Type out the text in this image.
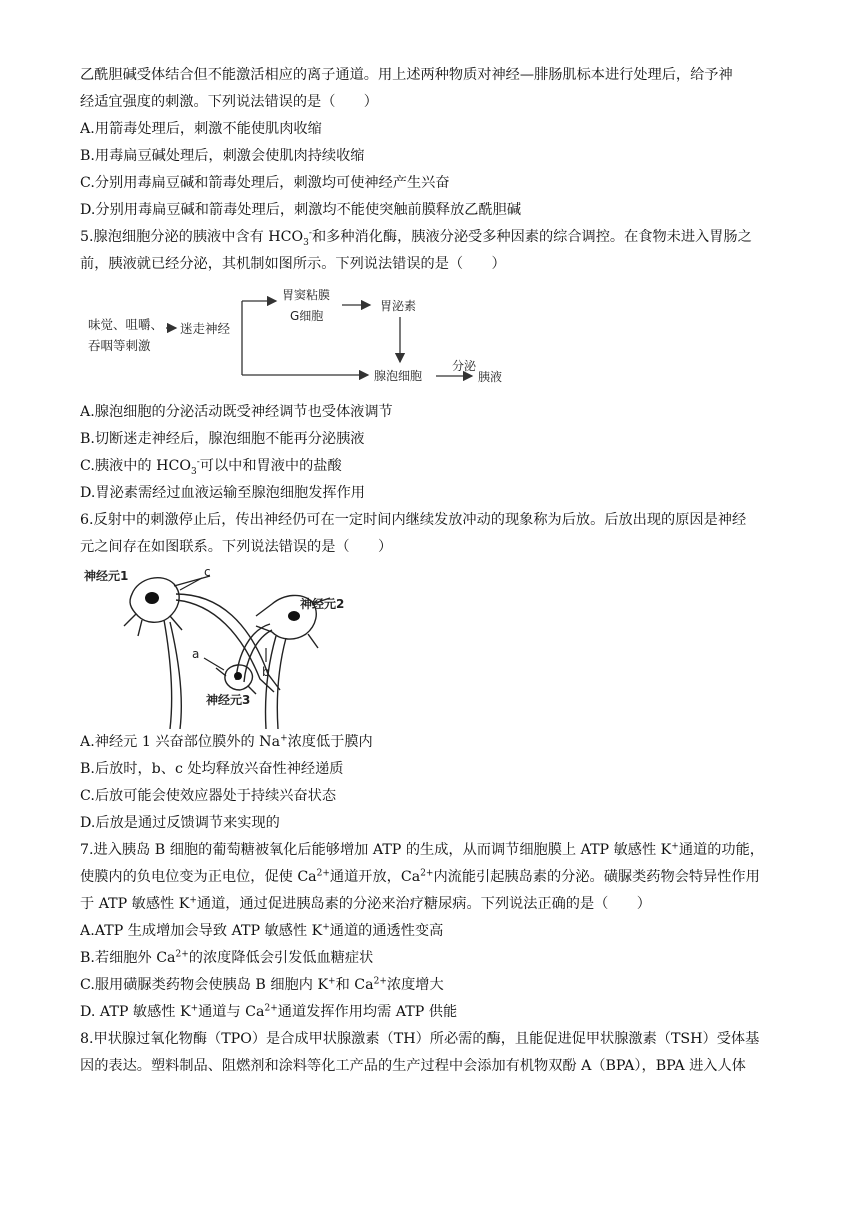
乙酰胆碱受体结合但不能激活相应的离子通道。用上述两种物质对神经—腓肠肌标本进行处理后，给予神
经适宜强度的刺激。下列说法错误的是（　　）
A.用箭毒处理后，刺激不能使肌肉收缩
B.用毒扁豆碱处理后，刺激会使肌肉持续收缩
C.分别用毒扁豆碱和箭毒处理后，刺激均可使神经产生兴奋
D.分别用毒扁豆碱和箭毒处理后，刺激均不能使突触前膜释放乙酰胆碱
5.腺泡细胞分泌的胰液中含有 $HCO_3^-$和多种消化酶，胰液分泌受多种因素的综合调控。在食物未进入胃肠之
前，胰液就已经分泌，其机制如图所示。下列说法错误的是（　　）
味觉、咀嚼、
吞咽等刺激
迷走神经
胃窦粘膜
G细胞
胃泌素
腺泡细胞
分泌
胰液
A.腺泡细胞的分泌活动既受神经调节也受体液调节
B.切断迷走神经后，腺泡细胞不能再分泌胰液
C.胰液中的 $HCO_3^-$可以中和胃液中的盐酸
D.胃泌素需经过血液运输至腺泡细胞发挥作用
6.反射中的刺激停止后，传出神经仍可在一定时间内继续发放冲动的现象称为后放。后放出现的原因是神经
元之间存在如图联系。下列说法错误的是（　　）
神经元1	c
神经元2
b
神经元3
a
A.神经元 1 兴奋部位膜外的 Na+浓度低于膜内
B.后放时，b、c 处均释放兴奋性神经递质
C.后放可能会使效应器处于持续兴奋状态
D.后放是通过反馈调节来实现的
7.进入胰岛 B 细胞的葡萄糖被氧化后能够增加 ATP 的生成，从而调节细胞膜上 ATP 敏感性 K+通道的功能，
使膜内的负电位变为正电位，促使 $Ca^{2+}$通道开放，$Ca^{2+}$内流能引起胰岛素的分泌。磺脲类药物会特异性作用
于 ATP 敏感性 K+通道，通过促进胰岛素的分泌来治疗糖尿病。下列说法正确的是（　　）
A.ATP 生成增加会导致 ATP 敏感性 K+通道的通透性变高
B.若细胞外 $Ca^{2+}$的浓度降低会引发低血糖症状
C.服用磺脲类药物会使胰岛 B 细胞内 K+和 $Ca^{2+}$浓度增大
D. ATP 敏感性 K+通道与 $Ca^{2+}$通道发挥作用均需 ATP 供能
8.甲状腺过氧化物酶（TPO）是合成甲状腺激素（TH）所必需的酶，且能促进促甲状腺激素（TSH）受体基
因的表达。塑料制品、阻燃剂和涂料等化工产品的生产过程中会添加有机物双酚 A（BPA），BPA 进入人体
